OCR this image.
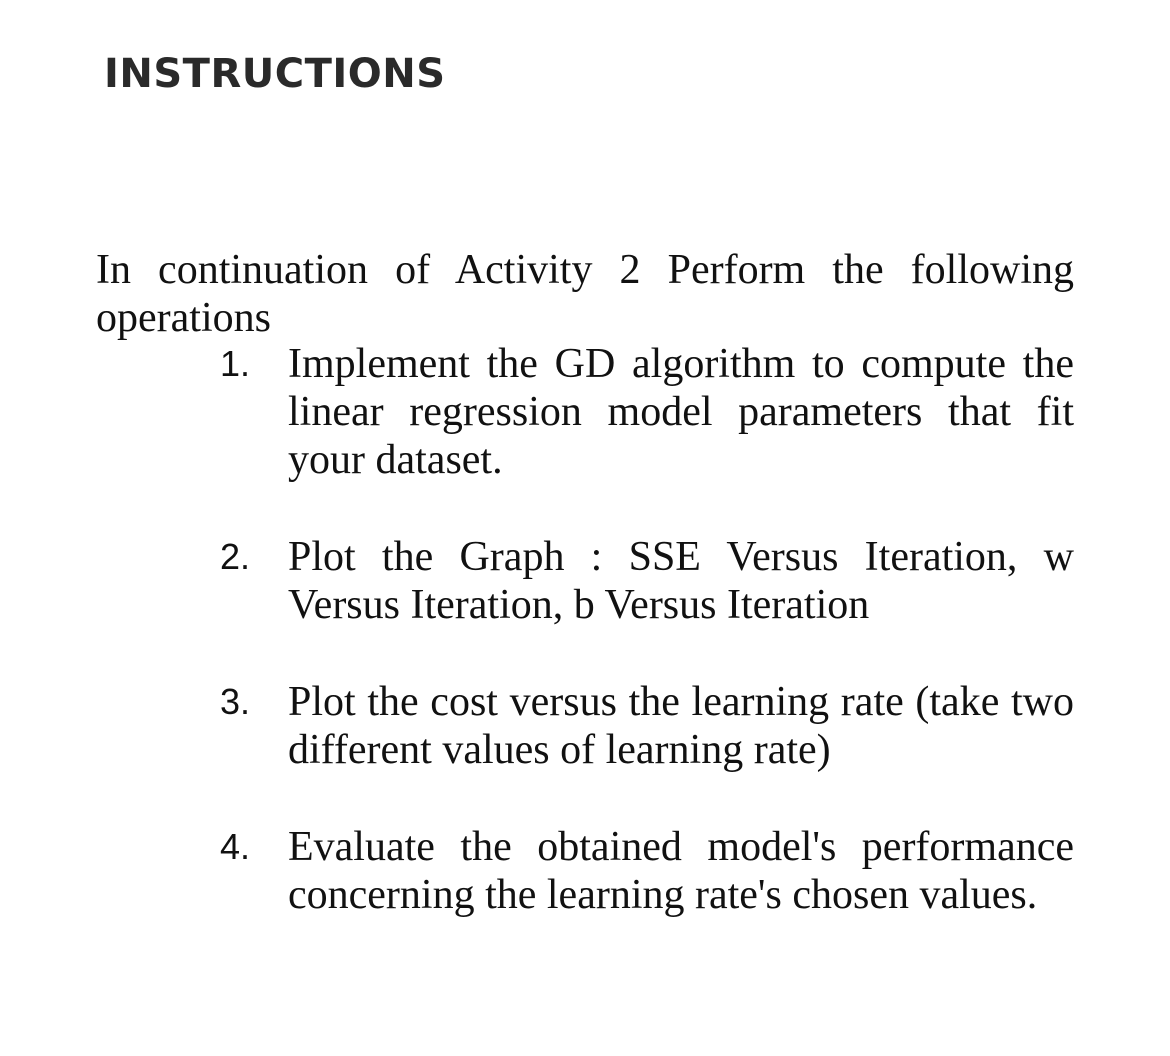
INSTRUCTIONS

In continuation of Activity 2 Perform the following operations

1. Implement the GD algorithm to compute the linear regression model parameters that fit your dataset.
2. Plot the Graph : SSE Versus Iteration, w Versus Iteration, b Versus Iteration
3. Plot the cost versus the learning rate (take two different values of learning rate)
4. Evaluate the obtained model's performance concerning the learning rate's chosen values.
